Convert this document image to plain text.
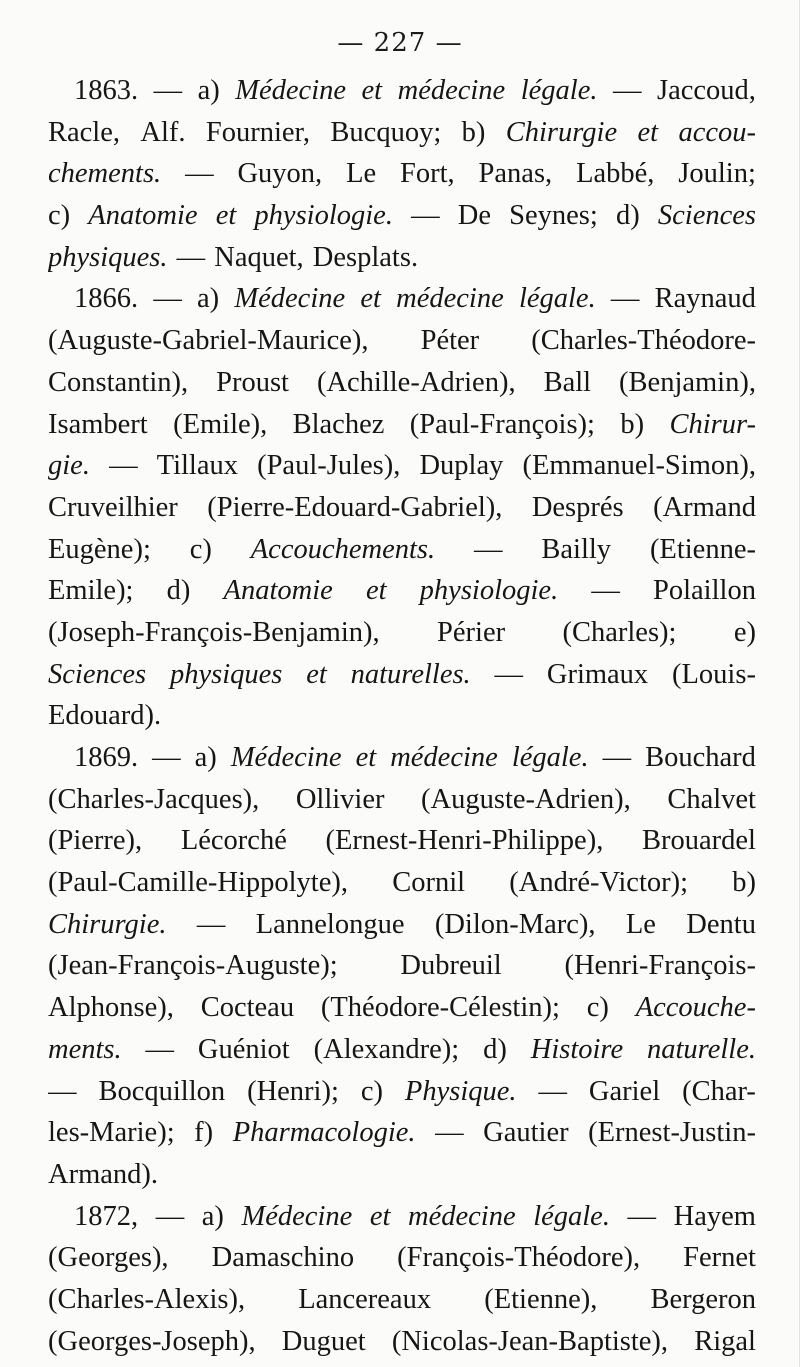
— 227 —
1863. — a) Médecine et médecine légale. — Jaccoud,
Racle, Alf. Fournier, Bucquoy; b) Chirurgie et accou-
chements. — Guyon, Le Fort, Panas, Labbé, Joulin;
c) Anatomie et physiologie. — De Seynes; d) Sciences
physiques. — Naquet, Desplats.
1866. — a) Médecine et médecine légale. — Raynaud
(Auguste-Gabriel-Maurice), Péter (Charles-Théodore-
Constantin), Proust (Achille-Adrien), Ball (Benjamin),
Isambert (Emile), Blachez (Paul-François); b) Chirur-
gie. — Tillaux (Paul-Jules), Duplay (Emmanuel-Simon),
Cruveilhier (Pierre-Edouard-Gabriel), Després (Armand
Eugène); c) Accouchements. — Bailly (Etienne-
Emile); d) Anatomie et physiologie. — Polaillon
(Joseph-François-Benjamin), Périer (Charles); e)
Sciences physiques et naturelles. — Grimaux (Louis-
Edouard).
1869. — a) Médecine et médecine légale. — Bouchard
(Charles-Jacques), Ollivier (Auguste-Adrien), Chalvet
(Pierre), Lécorché (Ernest-Henri-Philippe), Brouardel
(Paul-Camille-Hippolyte), Cornil (André-Victor); b)
Chirurgie. — Lannelongue (Dilon-Marc), Le Dentu
(Jean-François-Auguste); Dubreuil (Henri-François-
Alphonse), Cocteau (Théodore-Célestin); c) Accouche-
ments. — Guéniot (Alexandre); d) Histoire naturelle.
— Bocquillon (Henri); c) Physique. — Gariel (Char-
les-Marie); f) Pharmacologie. — Gautier (Ernest-Justin-
Armand).
1872, — a) Médecine et médecine légale. — Hayem
(Georges), Damaschino (François-Théodore), Fernet
(Charles-Alexis), Lancereaux (Etienne), Bergeron
(Georges-Joseph), Duguet (Nicolas-Jean-Baptiste), Rigal
